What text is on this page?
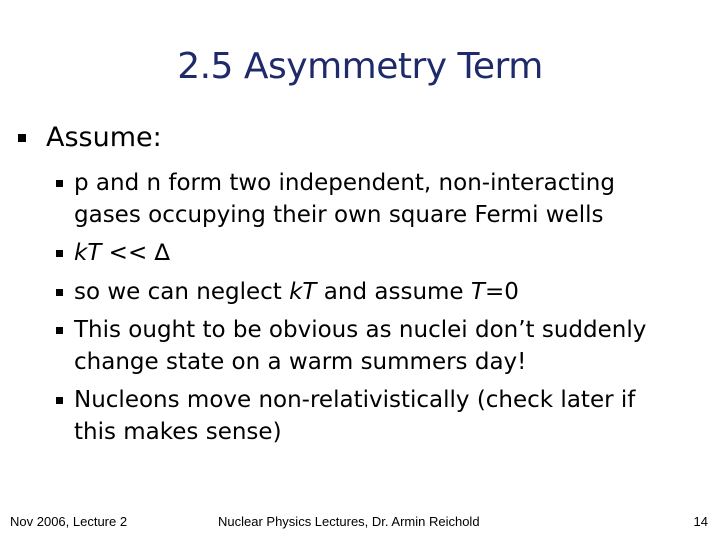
2.5 Asymmetry Term
Assume:
p and n form two independent, non-interacting
gases occupying their own square Fermi wells
kT << ∆
so we can neglect kT and assume T=0
This ought to be obvious as nuclei don’t suddenly
change state on a warm summers day!
Nucleons move non-relativistically (check later if
this makes sense)
Nov 2006, Lecture 2	Nuclear Physics Lectures, Dr. Armin Reichold	14
